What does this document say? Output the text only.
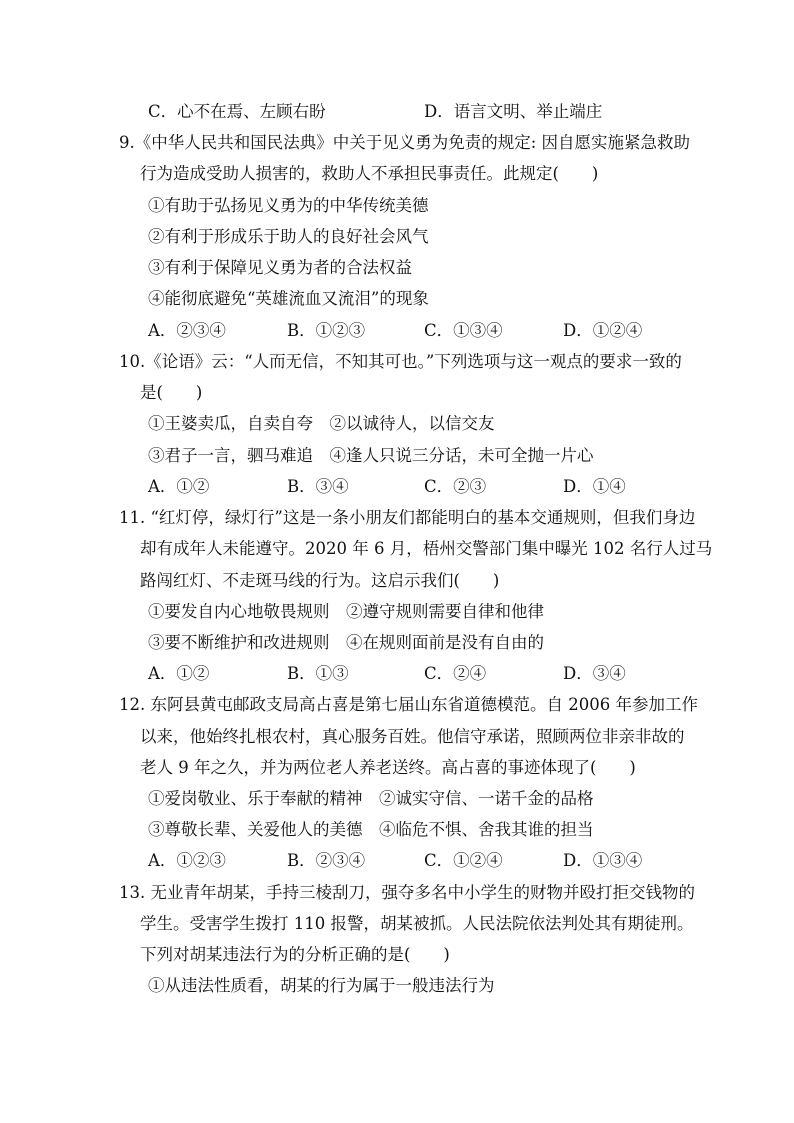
C．心不在焉、左顾右盼	D．语言文明、举止端庄

9.《中华人民共和国民法典》中关于见义勇为免责的规定: 因自愿实施紧急救助

行为造成受助人损害的，救助人不承担民事责任。此规定(　　)

①有助于弘扬见义勇为的中华传统美德

②有利于形成乐于助人的良好社会风气

③有利于保障见义勇为者的合法权益

④能彻底避免“英雄流血又流泪”的现象

A．②③④	B．①②③	C．①③④	D．①②④

10.《论语》云：“人而无信，不知其可也。”下列选项与这一观点的要求一致的

是(　　)

①王婆卖瓜，自卖自夸　②以诚待人，以信交友

③君子一言，驷马难追　④逢人只说三分话，未可全抛一片心

A．①②	B．③④	C．②③	D．①④

11. “红灯停，绿灯行”这是一条小朋友们都能明白的基本交通规则，但我们身边

却有成年人未能遵守。2020 年 6 月，梧州交警部门集中曝光 102 名行人过马

路闯红灯、不走斑马线的行为。这启示我们(　　)

①要发自内心地敬畏规则　②遵守规则需要自律和他律

③要不断维护和改进规则　④在规则面前是没有自由的

A．①②	B．①③	C．②④	D．③④

12. 东阿县黄屯邮政支局高占喜是第七届山东省道德模范。自 2006 年参加工作

以来，他始终扎根农村，真心服务百姓。他信守承诺，照顾两位非亲非故的

老人 9 年之久，并为两位老人养老送终。高占喜的事迹体现了(　　)

①爱岗敬业、乐于奉献的精神　②诚实守信、一诺千金的品格

③尊敬长辈、关爱他人的美德　④临危不惧、舍我其谁的担当

A．①②③	B．②③④	C．①②④	D．①③④

13. 无业青年胡某，手持三棱刮刀，强夺多名中小学生的财物并殴打拒交钱物的

学生。受害学生拨打 110 报警，胡某被抓。人民法院依法判处其有期徒刑。

下列对胡某违法行为的分析正确的是(　　)

①从违法性质看，胡某的行为属于一般违法行为
